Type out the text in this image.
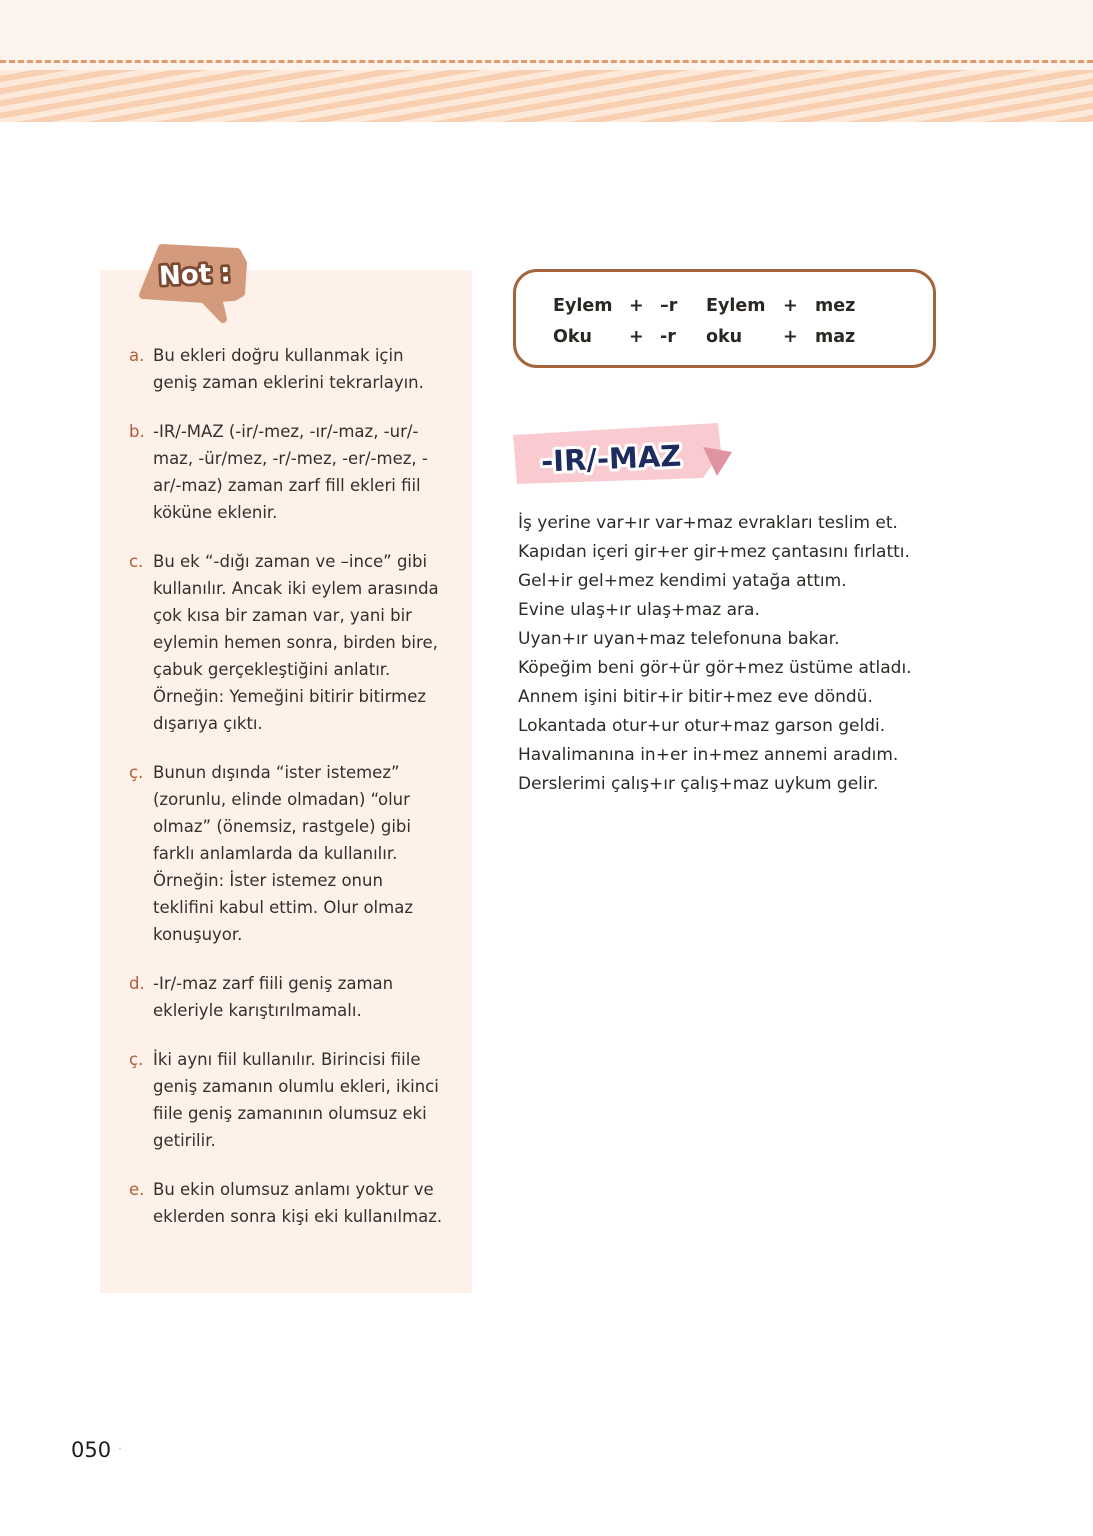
a. Bu ekleri doğru kullanmak için geniş zaman eklerini tekrarlayın.
b. -IR/-MAZ (-ir/-mez, -ır/-maz, -ur/-maz, -ür/mez, -r/-mez, -er/-mez, -ar/-maz) zaman zarf fill ekleri fiil köküne eklenir.
c. Bu ek “-dığı zaman ve –ince” gibi kullanılır. Ancak iki eylem arasında çok kısa bir zaman var, yani bir eylemin hemen sonra, birden bire, çabuk gerçekleştiğini anlatır. Örneğin: Yemeğini bitirir bitirmez dışarıya çıktı.
ç. Bunun dışında “ister istemez” (zorunlu, elinde olmadan) “olur olmaz” (önemsiz, rastgele) gibi farklı anlamlarda da kullanılır. Örneğin: İster istemez onun teklifini kabul ettim. Olur olmaz konuşuyor.
d. -Ir/-maz zarf fiili geniş zaman ekleriyle karıştırılmamalı.
ç. İki aynı fiil kullanılır. Birincisi fiile geniş zamanın olumlu ekleri, ikinci fiile geniş zamanının olumsuz eki getirilir.
e. Bu ekin olumsuz anlamı yoktur ve eklerden sonra kişi eki kullanılmaz.
Not :
Eylem + –r	Eylem	+ mez
Oku	+ -r	oku	+ maz
-IR/-MAZ
İş yerine var+ır var+maz evrakları teslim et.
Kapıdan içeri gir+er gir+mez çantasını fırlattı.
Gel+ir gel+mez kendimi yatağa attım.
Evine ulaş+ır ulaş+maz ara.
Uyan+ır uyan+maz telefonuna bakar.
Köpeğim beni gör+ür gör+mez üstüme atladı.
Annem işini bitir+ir bitir+mez eve döndü.
Lokantada otur+ur otur+maz garson geldi.
Havalimanına in+er in+mez annemi aradım.
Derslerimi çalış+ır çalış+maz uykum gelir.
050 ·
